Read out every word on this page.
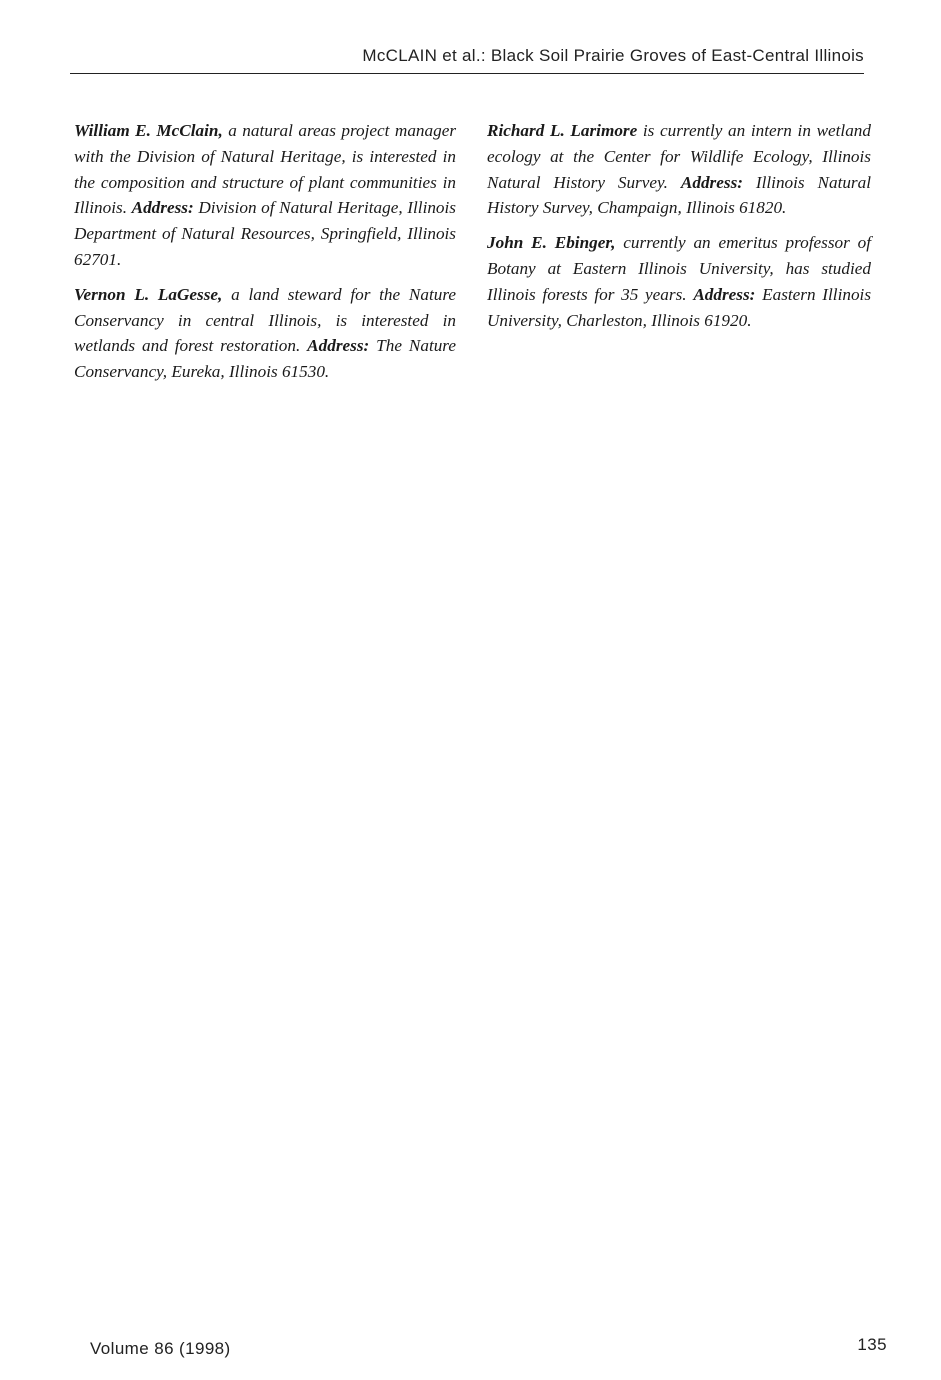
McCLAIN et al.: Black Soil Prairie Groves of East-Central Illinois

William E. McClain, a natural areas project manager with the Division of Natural Heritage, is interested in the composition and structure of plant communities in Illinois. Address: Division of Natural Heritage, Illinois Department of Natural Resources, Springfield, Illinois 62701.

Vernon L. LaGesse, a land steward for the Nature Conservancy in central Illinois, is interested in wetlands and forest restoration. Address: The Nature Conservancy, Eureka, Illinois 61530.

Richard L. Larimore is currently an intern in wetland ecology at the Center for Wildlife Ecology, Illinois Natural History Survey. Address: Illinois Natural History Survey, Champaign, Illinois 61820.

John E. Ebinger, currently an emeritus professor of Botany at Eastern Illinois University, has studied Illinois forests for 35 years. Address: Eastern Illinois University, Charleston, Illinois 61920.

Volume 86 (1998)	135
